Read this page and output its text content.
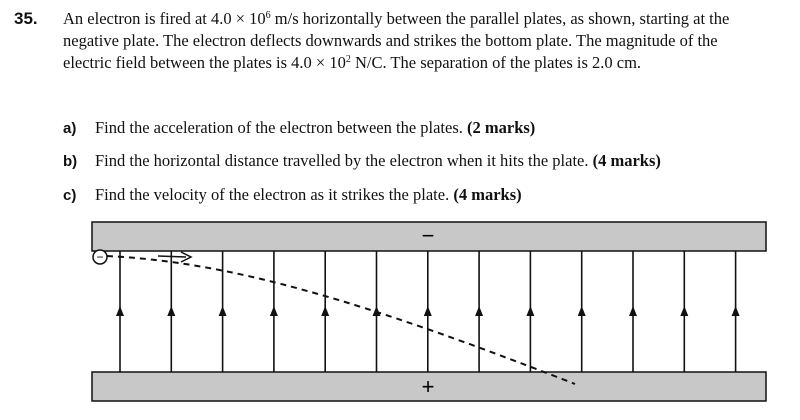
35. An electron is fired at $4.0 \times 10^6$ m/s horizontally between the parallel plates, as shown, starting at the negative plate. The electron deflects downwards and strikes the bottom plate. The magnitude of the electric field between the plates is $4.0 \times 10^2$ N/C. The separation of the plates is 2.0 cm.
a) Find the acceleration of the electron between the plates. (2 marks)
b) Find the horizontal distance travelled by the electron when it hits the plate. (4 marks)
c) Find the velocity of the electron as it strikes the plate. (4 marks)
−
+
−
